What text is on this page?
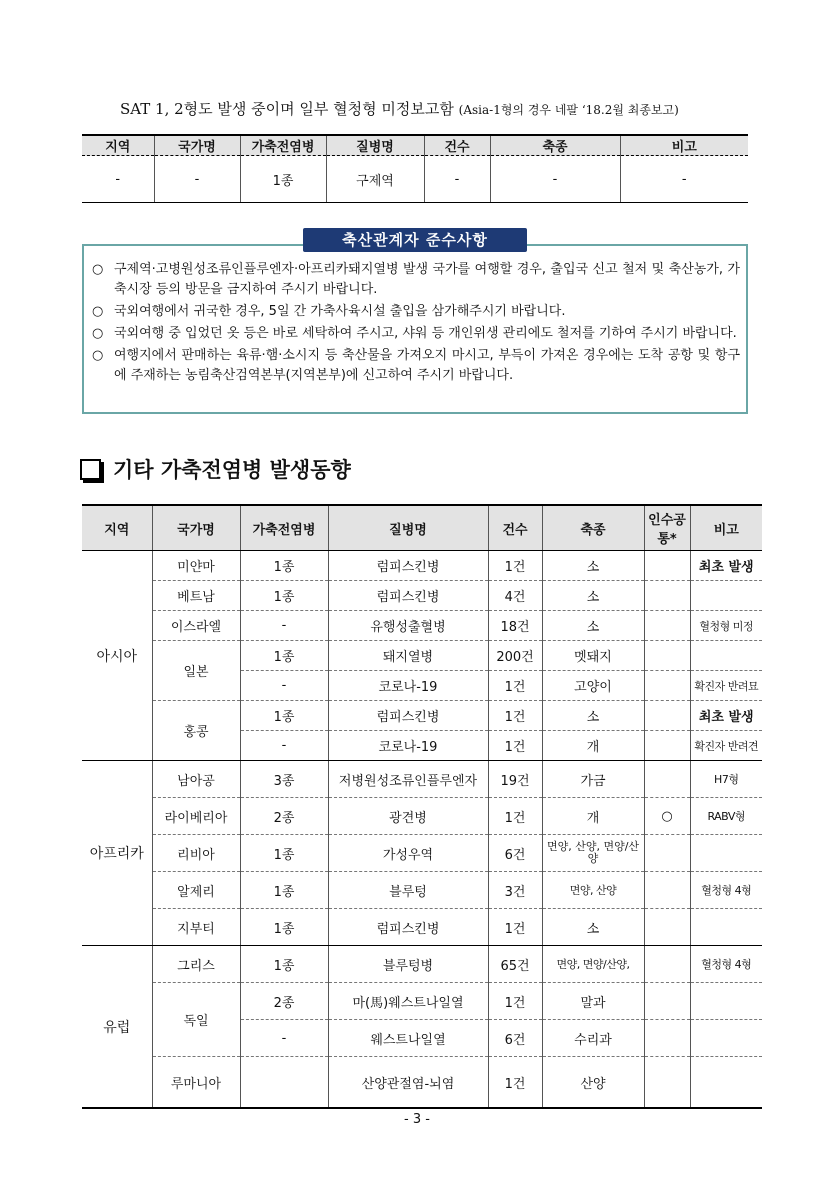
SAT 1, 2형도 발생 중이며 일부 혈청형 미정보고함 (Asia-1형의 경우 네팔 ‘18.2월 최종보고)
지역	국가명	가축전염병	질병명	건수	축종	비고
-	-	1종	구제역	-	-	-
○ 구제역·고병원성조류인플루엔자·아프리카돼지열병 발생 국가를 여행할 경우, 출입국 신고 철저 및 축산농가, 가축시장 등의 방문을 금지하여 주시기 바랍니다.
○ 국외여행에서 귀국한 경우, 5일 간 가축사육시설 출입을 삼가해주시기 바랍니다.
○ 국외여행 중 입었던 옷 등은 바로 세탁하여 주시고, 샤워 등 개인위생 관리에도 철저를 기하여 주시기 바랍니다.
○ 여행지에서 판매하는 육류·햄·소시지 등 축산물을 가져오지 마시고, 부득이 가져온 경우에는 도착 공항 및 항구에 주재하는 농림축산검역본부(지역본부)에 신고하여 주시기 바랍니다.
축산관계자 준수사항
기타 가축전염병 발생동향
지역	국가명	가축전염병	질병명	건수	축종	인수공통*	비고
아시아	미얀마	1종	럼피스킨병	1건	소		최초 발생
	베트남	1종	럼피스킨병	4건	소		
	이스라엘	-	유행성출혈병	18건	소		혈청형 미정
	일본	1종	돼지열병	200건	멧돼지		
		-	코로나-19	1건	고양이		확진자 반려묘
	홍콩	1종	럼피스킨병	1건	소		최초 발생
		-	코로나-19	1건	개		확진자 반려견
아프리카	남아공	3종	저병원성조류인플루엔자	19건	가금		H7형
	라이베리아	2종	광견병	1건	개	○	RABV형
	리비아	1종	가성우역	6건	면양, 산양, 면양/산양		
	알제리	1종	블루텅	3건	면양, 산양		혈청형 4형
	지부티	1종	럼피스킨병	1건	소		
유럽	그리스	1종	블루텅병	65건	면양, 면양/산양,		혈청형 4형
	독일	2종	마(馬)웨스트나일열	1건	말과		
		-	웨스트나일열	6건	수리과		
	루마니아		산양관절염-뇌염	1건	산양		
- 3 -
